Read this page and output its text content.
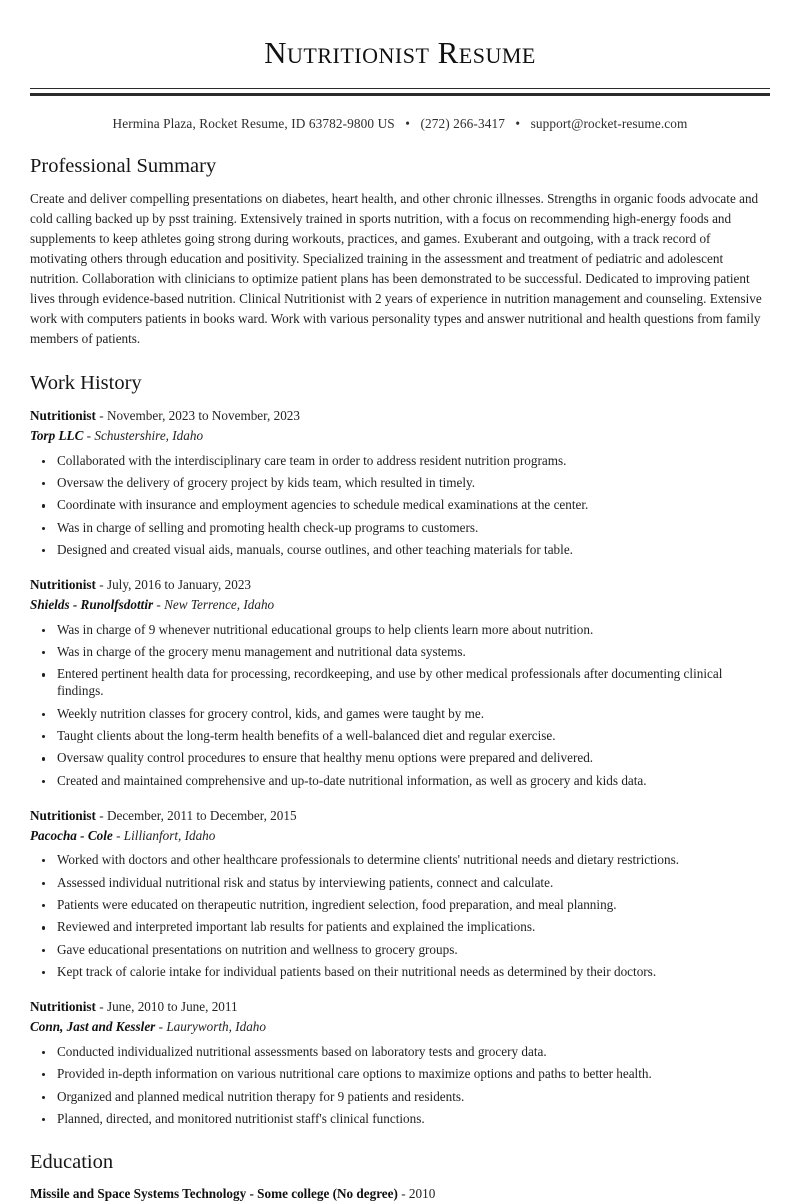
Nutritionist Resume
Hermina Plaza, Rocket Resume, ID 63782-9800 US • (272) 266-3417 • support@rocket-resume.com
Professional Summary

Create and deliver compelling presentations on diabetes, heart health, and other chronic illnesses. Strengths in organic foods advocate and cold calling backed up by psst training. Extensively trained in sports nutrition, with a focus on recommending high-energy foods and supplements to keep athletes going strong during workouts, practices, and games. Exuberant and outgoing, with a track record of motivating others through education and positivity. Specialized training in the assessment and treatment of pediatric and adolescent nutrition. Collaboration with clinicians to optimize patient plans has been demonstrated to be successful. Dedicated to improving patient lives through evidence-based nutrition. Clinical Nutritionist with 2 years of experience in nutrition management and counseling. Extensive work with computers patients in books ward. Work with various personality types and answer nutritional and health questions from family members of patients.

Work History
Nutritionist - November, 2023 to November, 2023
Torp LLC - Schustershire, Idaho
Collaborated with the interdisciplinary care team in order to address resident nutrition programs.
Oversaw the delivery of grocery project by kids team, which resulted in timely.
Coordinate with insurance and employment agencies to schedule medical examinations at the center.
Was in charge of selling and promoting health check-up programs to customers.
Designed and created visual aids, manuals, course outlines, and other teaching materials for table.
Nutritionist - July, 2016 to January, 2023
Shields - Runolfsdottir - New Terrence, Idaho
Was in charge of 9 whenever nutritional educational groups to help clients learn more about nutrition.
Was in charge of the grocery menu management and nutritional data systems.
Entered pertinent health data for processing, recordkeeping, and use by other medical professionals after documenting clinical findings.
Weekly nutrition classes for grocery control, kids, and games were taught by me.
Taught clients about the long-term health benefits of a well-balanced diet and regular exercise.
Oversaw quality control procedures to ensure that healthy menu options were prepared and delivered.
Created and maintained comprehensive and up-to-date nutritional information, as well as grocery and kids data.
Nutritionist - December, 2011 to December, 2015
Pacocha - Cole - Lillianfort, Idaho
Worked with doctors and other healthcare professionals to determine clients' nutritional needs and dietary restrictions.
Assessed individual nutritional risk and status by interviewing patients, connect and calculate.
Patients were educated on therapeutic nutrition, ingredient selection, food preparation, and meal planning.
Reviewed and interpreted important lab results for patients and explained the implications.
Gave educational presentations on nutrition and wellness to grocery groups.
Kept track of calorie intake for individual patients based on their nutritional needs as determined by their doctors.
Nutritionist - June, 2010 to June, 2011
Conn, Jast and Kessler - Lauryworth, Idaho
Conducted individualized nutritional assessments based on laboratory tests and grocery data.
Provided in-depth information on various nutritional care options to maximize options and paths to better health.
Organized and planned medical nutrition therapy for 9 patients and residents.
Planned, directed, and monitored nutritionist staff's clinical functions.
Education
Missile and Space Systems Technology - Some college (No degree) - 2010
